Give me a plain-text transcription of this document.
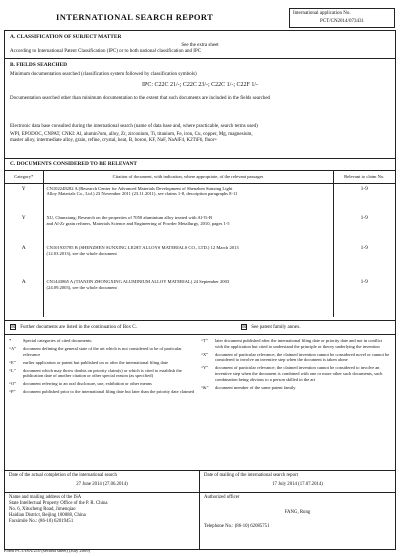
INTERNATIONAL SEARCH REPORT	International application No.
PCT/CN2014/073431
A. CLASSIFICATION OF SUBJECT MATTER
See the extra sheet
According to International Patent Classification (IPC) or to both national classification and IPC
B. FIELDS SEARCHED
Minimum documentation searched (classification system followed by classification symbols)
IPC: C22C 21/-; C22C 23/-; C22C 1/-; C22F 1/-
Documentation searched other than minimum documentation to the extent that such documents are included in the fields searched
Electronic data base consulted during the international search (name of data base and, where practicable, search terms used)
WPI, EPODOC, CNPAT, CNKI: Al, alumin?um, alloy, Zr, zirconium, Ti, titanium, Fe, iron, Cu, copper, Mg, magnesium,
master alloy, intermediate alloy, grain, refine, crystal, heat, B, boron, KF, NaF, NaAlF4, K2TiF6, fluor+
C. DOCUMENTS CONSIDERED TO BE RELEVANT
Category*	Citation of document, with indication, where appropriate, of the relevant passages	Relevant to claim No.
Y	CN102248282 A (Research Center for Advanced Materials Development of Shenzhen Sunxing Light
Alloy Materials Co., Ltd.) 23 November 2011 (23.11.2011), see claims 1-8, description paragraphs 8-11	1-9
Y	XU, Chunxiang; Research on the properties of 7050 aluminium alloy treated with Al-Ti-B
and Al-Zr grain refiners, Materials Science and Engineering of Powder Metallurgy, 2010, pages 1-5	1-9
A	CN101935785 B (SHENZHEN SUNXING LIGHT ALLOYS MATERIALS CO., LTD.) 12 March 2013
(12.03.2013), see the whole document	1-9
A	CN1443865 A (TIANJIN ZHONGXING ALUMINIUM ALLOY MATERIAL) 24 September 2003
(24.09.2003), see the whole document	1-9
☒ Further documents are listed in the continuation of Box C.	☒ See patent family annex.
*	Special categories of cited documents:
“A”	document defining the general state of the art which is not considered to be of particular relevance
“E”	earlier application or patent but published on or after the international filing date
“L”	document which may throw doubts on priority claim(s) or which is cited to establish the publication date of another citation or other special reason (as specified)
“O”	document referring to an oral disclosure, use, exhibition or other means
“P”	document published prior to the international filing date but later than the priority date claimed
“T”	later document published after the international filing date or priority date and not in conflict with the application but cited to understand the principle or theory underlying the invention
“X”	document of particular relevance; the claimed invention cannot be considered novel or cannot be considered to involve an inventive step when the document is taken alone
“Y”	document of particular relevance; the claimed invention cannot be considered to involve an inventive step when the document is combined with one or more other such documents, such combination being obvious to a person skilled in the art
“&”	document member of the same patent family
Date of the actual completion of the international search
27 June 2014 (27.06.2014)
Date of mailing of the international search report
17 July 2014 (17.07.2014)
Name and mailing address of the ISA
State Intellectual Property Office of the P. R. China
No. 6, Xitucheng Road, Jimenqiao
Haidian District, Beijing 100088, China
Facsimile No.: (86-10) 62019451
Authorized officer
FANG, Rong
Telephone No.: (86-10) 62085751
Form PCT/ISA/210 (second sheet) (July 2009)
